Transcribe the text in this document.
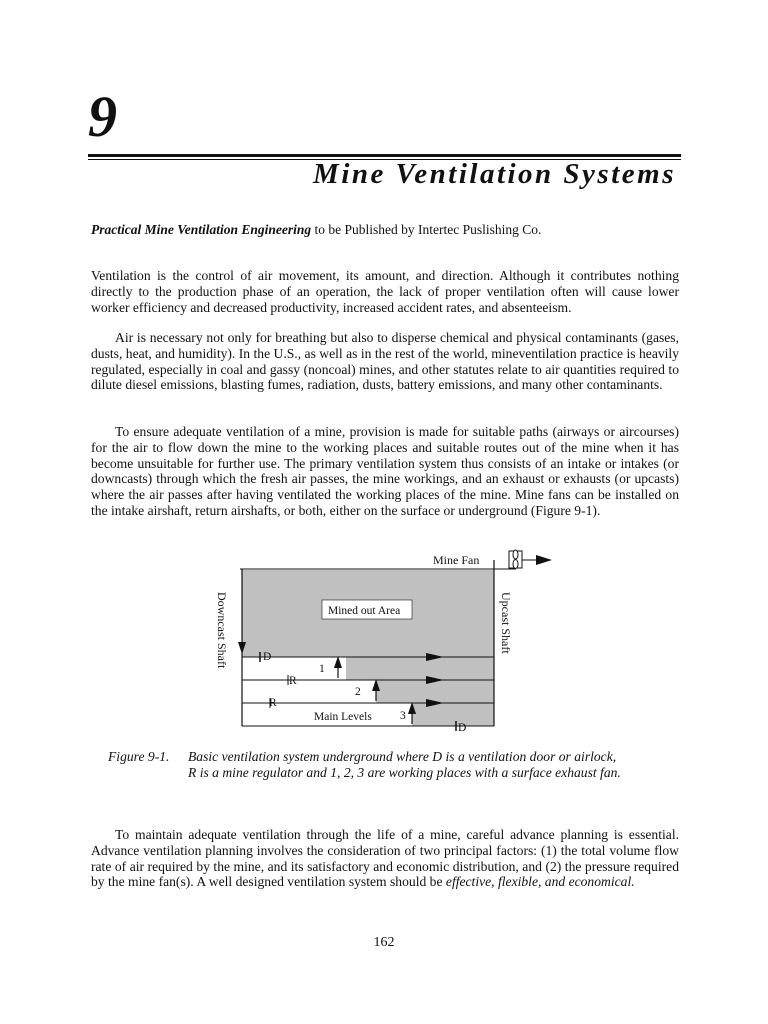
9
Mine Ventilation Systems
Practical Mine Ventilation Engineering to be Published by Intertec Puslishing Co.

Ventilation is the control of air movement, its amount, and direction. Although it contributes nothing directly to the production phase of an operation, the lack of proper ventilation often will cause lower worker efficiency and decreased productivity, increased accident rates, and absenteeism.

Air is necessary not only for breathing but also to disperse chemical and physical contaminants (gases, dusts, heat, and humidity). In the U.S., as well as in the rest of the world, mineventilation practice is heavily regulated, especially in coal and gassy (noncoal) mines, and other statutes relate to air quantities required to dilute diesel emissions, blasting fumes, radiation, dusts, battery emissions, and many other contaminants.

To ensure adequate ventilation of a mine, provision is made for suitable paths (airways or aircourses) for the air to flow down the mine to the working places and suitable routes out of the mine when it has become unsuitable for further use. The primary ventilation system thus consists of an intake or intakes (or downcasts) through which the fresh air passes, the mine workings, and an exhaust or exhausts (or upcasts) where the air passes after having ventilated the working places of the mine. Mine fans can be installed on the intake airshaft, return airshafts, or both, either on the surface or underground (Figure 9-1).

Mine Fan
Mined out Area
Downcast Shaft	Upcast Shaft
D
D
R
R
1
2
3
Main Levels
Figure 9-1. Basic ventilation system underground where D is a ventilation door or airlock,
R is a mine regulator and 1, 2, 3 are working places with a surface exhaust fan.

To maintain adequate ventilation through the life of a mine, careful advance planning is essential. Advance ventilation planning involves the consideration of two principal factors: (1) the total volume flow rate of air required by the mine, and its satisfactory and economic distribution, and (2) the pressure required by the mine fan(s). A well designed ventilation system should be effective, flexible, and economical.

162
